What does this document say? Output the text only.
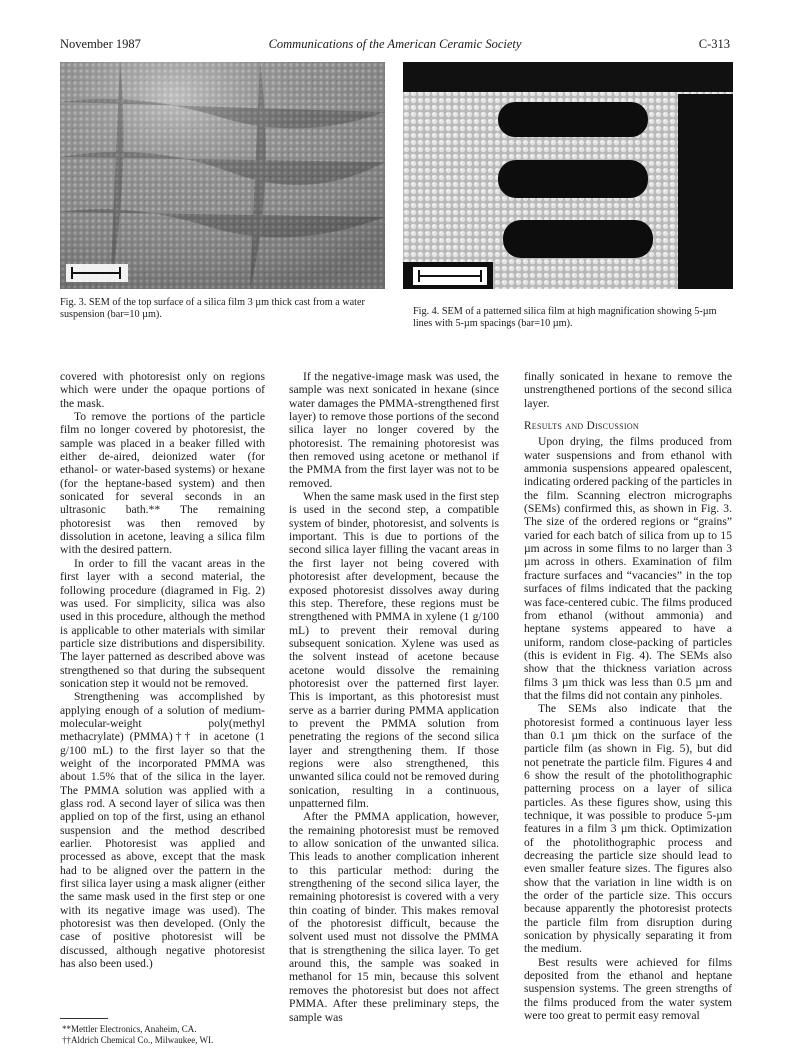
November 1987	Communications of the American Ceramic Society	C-313
Fig. 3. SEM of the top surface of a silica film 3 µm thick cast from a water suspension (bar=10 µm).	Fig. 4. SEM of a patterned silica film at high magnification showing 5-µm lines with 5-µm spacings (bar=10 µm).

covered with photoresist only on regions which were under the opaque portions of the mask.

To remove the portions of the particle film no longer covered by photoresist, the sample was placed in a beaker filled with either de-aired, deionized water (for ethanol- or water-based systems) or hexane (for the heptane-based system) and then sonicated for several seconds in an ultrasonic bath.** The remaining photoresist was then removed by dissolution in acetone, leaving a silica film with the desired pattern.

In order to fill the vacant areas in the first layer with a second material, the following procedure (diagramed in Fig. 2) was used. For simplicity, silica was also used in this procedure, although the method is applicable to other materials with similar particle size distributions and dispersibility. The layer patterned as described above was strengthened so that during the subsequent sonication step it would not be removed.

Strengthening was accomplished by applying enough of a solution of medium-molecular-weight poly(methyl methacrylate) (PMMA)†† in acetone (1 g/100 mL) to the first layer so that the weight of the incorporated PMMA was about 1.5% that of the silica in the layer. The PMMA solution was applied with a glass rod. A second layer of silica was then applied on top of the first, using an ethanol suspension and the method described earlier. Photoresist was applied and processed as above, except that the mask had to be aligned over the pattern in the first silica layer using a mask aligner (either the same mask used in the first step or one with its negative image was used). The photoresist was then developed. (Only the case of positive photoresist will be discussed, although negative photoresist has also been used.)

If the negative-image mask was used, the sample was next sonicated in hexane (since water damages the PMMA-strengthened first layer) to remove those portions of the second silica layer no longer covered by the photoresist. The remaining photoresist was then removed using acetone or methanol if the PMMA from the first layer was not to be removed.

When the same mask used in the first step is used in the second step, a compatible system of binder, photoresist, and solvents is important. This is due to portions of the second silica layer filling the vacant areas in the first layer not being covered with photoresist after development, because the exposed photoresist dissolves away during this step. Therefore, these regions must be strengthened with PMMA in xylene (1 g/100 mL) to prevent their removal during subsequent sonication. Xylene was used as the solvent instead of acetone because acetone would dissolve the remaining photoresist over the patterned first layer. This is important, as this photoresist must serve as a barrier during PMMA application to prevent the PMMA solution from penetrating the regions of the second silica layer and strengthening them. If those regions were also strengthened, this unwanted silica could not be removed during sonication, resulting in a continuous, unpatterned film.

After the PMMA application, however, the remaining photoresist must be removed to allow sonication of the unwanted silica. This leads to another complication inherent to this particular method: during the strengthening of the second silica layer, the remaining photoresist is covered with a very thin coating of binder. This makes removal of the photoresist difficult, because the solvent used must not dissolve the PMMA that is strengthening the silica layer. To get around this, the sample was soaked in methanol for 15 min, because this solvent removes the photoresist but does not affect PMMA. After these preliminary steps, the sample was

finally sonicated in hexane to remove the unstrengthened portions of the second silica layer.

Results and Discussion

Upon drying, the films produced from water suspensions and from ethanol with ammonia suspensions appeared opalescent, indicating ordered packing of the particles in the film. Scanning electron micrographs (SEMs) confirmed this, as shown in Fig. 3. The size of the ordered regions or “grains” varied for each batch of silica from up to 15 µm across in some films to no larger than 3 µm across in others. Examination of film fracture surfaces and “vacancies” in the top surfaces of films indicated that the packing was face-centered cubic. The films produced from ethanol (without ammonia) and heptane systems appeared to have a uniform, random close-packing of particles (this is evident in Fig. 4). The SEMs also show that the thickness variation across films 3 µm thick was less than 0.5 µm and that the films did not contain any pinholes.

The SEMs also indicate that the photoresist formed a continuous layer less than 0.1 µm thick on the surface of the particle film (as shown in Fig. 5), but did not penetrate the particle film. Figures 4 and 6 show the result of the photolithographic patterning process on a layer of silica particles. As these figures show, using this technique, it was possible to produce 5-µm features in a film 3 µm thick. Optimization of the photolithographic process and decreasing the particle size should lead to even smaller feature sizes. The figures also show that the variation in line width is on the order of the particle size. This occurs because apparently the photoresist protects the particle film from disruption during sonication by physically separating it from the medium.

Best results were achieved for films deposited from the ethanol and heptane suspension systems. The green strengths of the films produced from the water system were too great to permit easy removal

**Mettler Electronics, Anaheim, CA.
††Aldrich Chemical Co., Milwaukee, WI.
